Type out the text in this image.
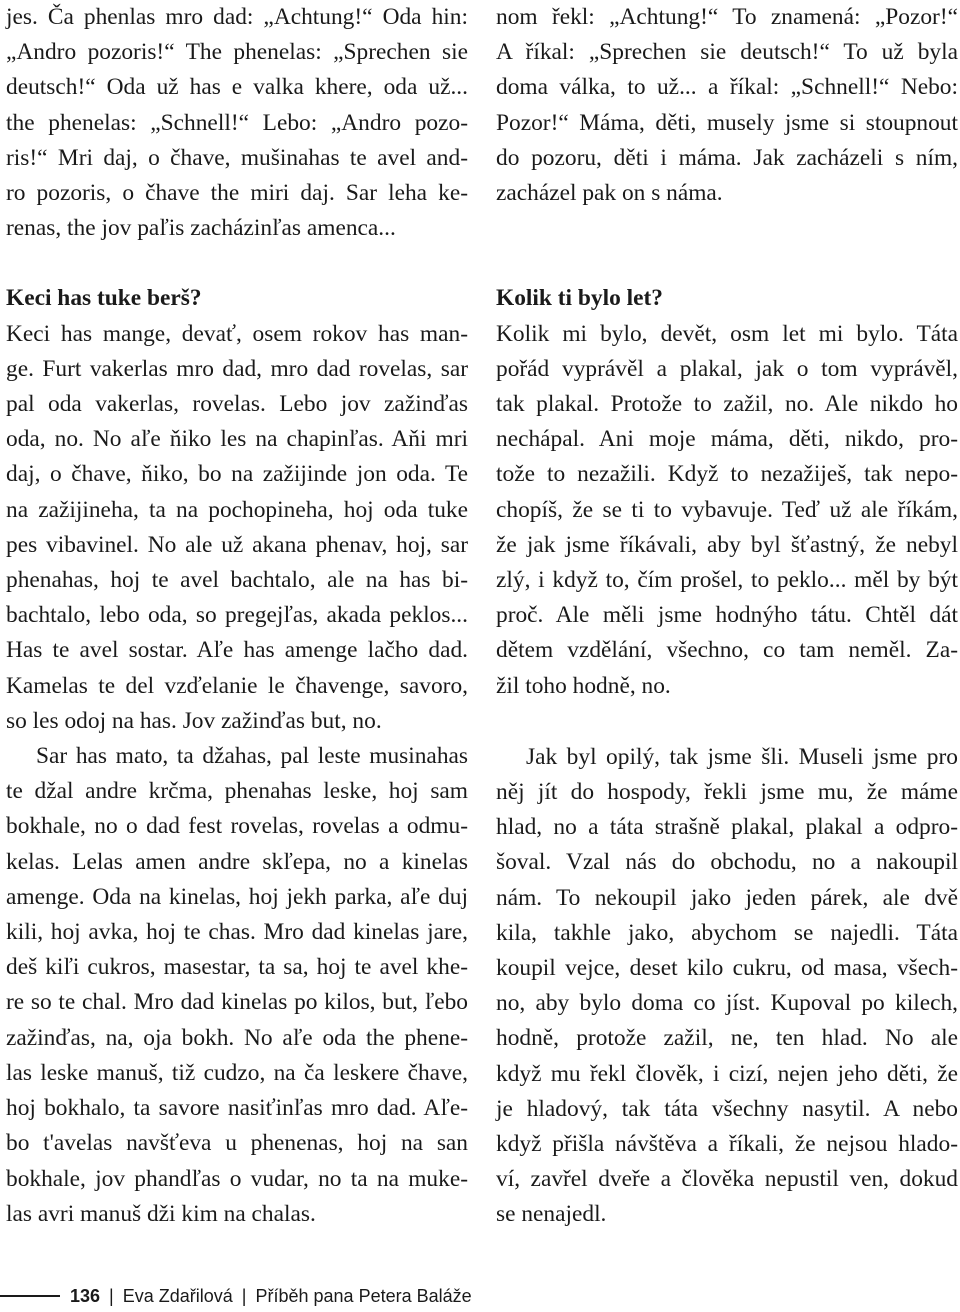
jes. Ča phenlas mro dad: „Achtung!“ Oda hin:

„Andro pozoris!“ The phenelas: „Sprechen sie

deutsch!“ Oda už has e valka khere, oda už...

the phenelas: „Schnell!“ Lebo: „Andro pozo-

ris!“ Mri daj, o čhave, mušinahas te avel and-

ro pozoris, o čhave the miri daj. Sar leha ke-

renas, the jov paľis zacházinľas amenca...

Keci has tuke berš?

Keci has mange, devať, osem rokov has man-

ge. Furt vakerlas mro dad, mro dad rovelas, sar

pal oda vakerlas, rovelas. Lebo jov zažinďas

oda, no. No aľe ňiko les na chapinľas. Aňi mri

daj, o čhave, ňiko, bo na zažijinde jon oda. Te

na zažijineha, ta na pochopineha, hoj oda tuke

pes vibavinel. No ale už akana phenav, hoj, sar

phenahas, hoj te avel bachtalo, ale na has bi-

bachtalo, lebo oda, so pregejľas, akada peklos...

Has te avel sostar. Aľe has amenge lačho dad.

Kamelas te del vzďelanie le čhavenge, savoro,

so les odoj na has. Jov zažinďas but, no.

Sar has mato, ta džahas, pal leste musinahas

te džal andre krčma, phenahas leske, hoj sam

bokhale, no o dad fest rovelas, rovelas a odmu-

kelas. Lelas amen andre skľepa, no a kinelas

amenge. Oda na kinelas, hoj jekh parka, aľe duj

kili, hoj avka, hoj te chas. Mro dad kinelas jare,

deš kiľi cukros, masestar, ta sa, hoj te avel khe-

re so te chal. Mro dad kinelas po kilos, but, ľebo

zažinďas, na, oja bokh. No aľe oda the phene-

las leske manuš, tiž cudzo, na ča leskere čhave,

hoj bokhalo, ta savore nasiťinľas mro dad. Aľe-

bo t'avelas navšťeva u phenenas, hoj na san

bokhale, jov phandľas o vudar, no ta na muke-

las avri manuš dži kim na chalas.

nom řekl: „Achtung!“ To znamená: „Pozor!“

A říkal: „Sprechen sie deutsch!“ To už byla

doma válka, to už... a říkal: „Schnell!“ Nebo:

Pozor!“ Máma, děti, musely jsme si stoupnout

do pozoru, děti i máma. Jak zacházeli s ním,

zacházel pak on s náma.

Kolik ti bylo let?

Kolik mi bylo, devět, osm let mi bylo. Táta

pořád vyprávěl a plakal, jak o tom vyprávěl,

tak plakal. Protože to zažil, no. Ale nikdo ho

nechápal. Ani moje máma, děti, nikdo, pro-

tože to nezažili. Když to nezažiješ, tak nepo-

chopíš, že se ti to vybavuje. Teď už ale říkám,

že jak jsme říkávali, aby byl šťastný, že nebyl

zlý, i když to, čím prošel, to peklo... měl by být

proč. Ale měli jsme hodnýho tátu. Chtěl dát

dětem vzdělání, všechno, co tam neměl. Za-

žil toho hodně, no.

Jak byl opilý, tak jsme šli. Museli jsme pro

něj jít do hospody, řekli jsme mu, že máme

hlad, no a táta strašně plakal, plakal a odpro-

šoval. Vzal nás do obchodu, no a nakoupil

nám. To nekoupil jako jeden párek, ale dvě

kila, takhle jako, abychom se najedli. Táta

koupil vejce, deset kilo cukru, od masa, všech-

no, aby bylo doma co jíst. Kupoval po kilech,

hodně, protože zažil, ne, ten hlad. No ale

když mu řekl člověk, i cizí, nejen jeho děti, že

je hladový, tak táta všechny nasytil. A nebo

když přišla návštěva a říkali, že nejsou hlado-

ví, zavřel dveře a člověka nepustil ven, dokud

se nenajedl.

136 | Eva Zdařilová | Příběh pana Petera Baláže
